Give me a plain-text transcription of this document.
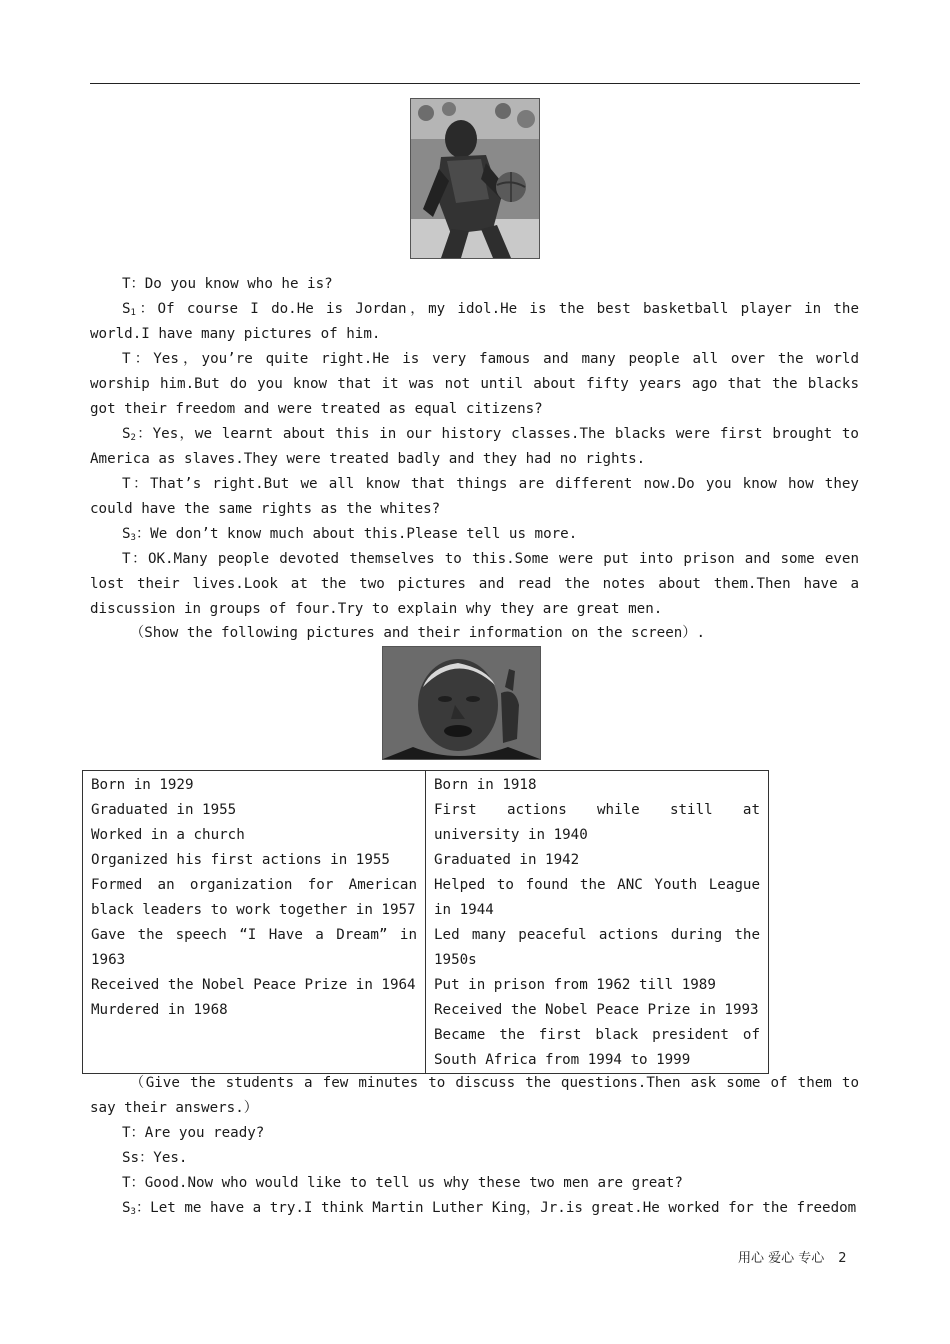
T：Do you know who he is?

$S_1$：Of course I do.He is Jordan，my idol.He is the best basketball player in the world.I have many pictures of him.

T：Yes，you’re quite right.He is very famous and many people all over the world worship him.But do you know that it was not until about fifty years ago that the blacks got their freedom and were treated as equal citizens?

$S_2$：Yes，we learnt about this in our history classes.The blacks were first brought to America as slaves.They were treated badly and they had no rights.

T：That’s right.But we all know that things are different now.Do you know how they could have the same rights as the whites?

$S_3$：We don’t know much about this.Please tell us more.

T：OK.Many people devoted themselves to this.Some were put into prison and some even lost their lives.Look at the two pictures and read the notes about them.Then have a discussion in groups of four.Try to explain why they are great men.

（Show the following pictures and their information on the screen）.

Born in 1929
Graduated in 1955
Worked in a church
Organized his first actions in 1955
Formed an organization for American black leaders to work together in 1957
Gave the speech “I Have a Dream” in 1963
Received the Nobel Peace Prize in 1964
Murdered in 1968

Born in 1918
First actions while still at university in 1940
Graduated in 1942
Helped to found the ANC Youth League in 1944
Led many peaceful actions during the 1950s
Put in prison from 1962 till 1989
Received the Nobel Peace Prize in 1993
Became the first black president of South Africa from 1994 to 1999

（Give the students a few minutes to discuss the questions.Then ask some of them to say their answers.）

T：Are you ready?

Ss：Yes.

T：Good.Now who would like to tell us why these two men are great?

$S_3$：Let me have a try.I think Martin Luther King，Jr.is great.He worked for the freedom

用心 爱心 专心 2
